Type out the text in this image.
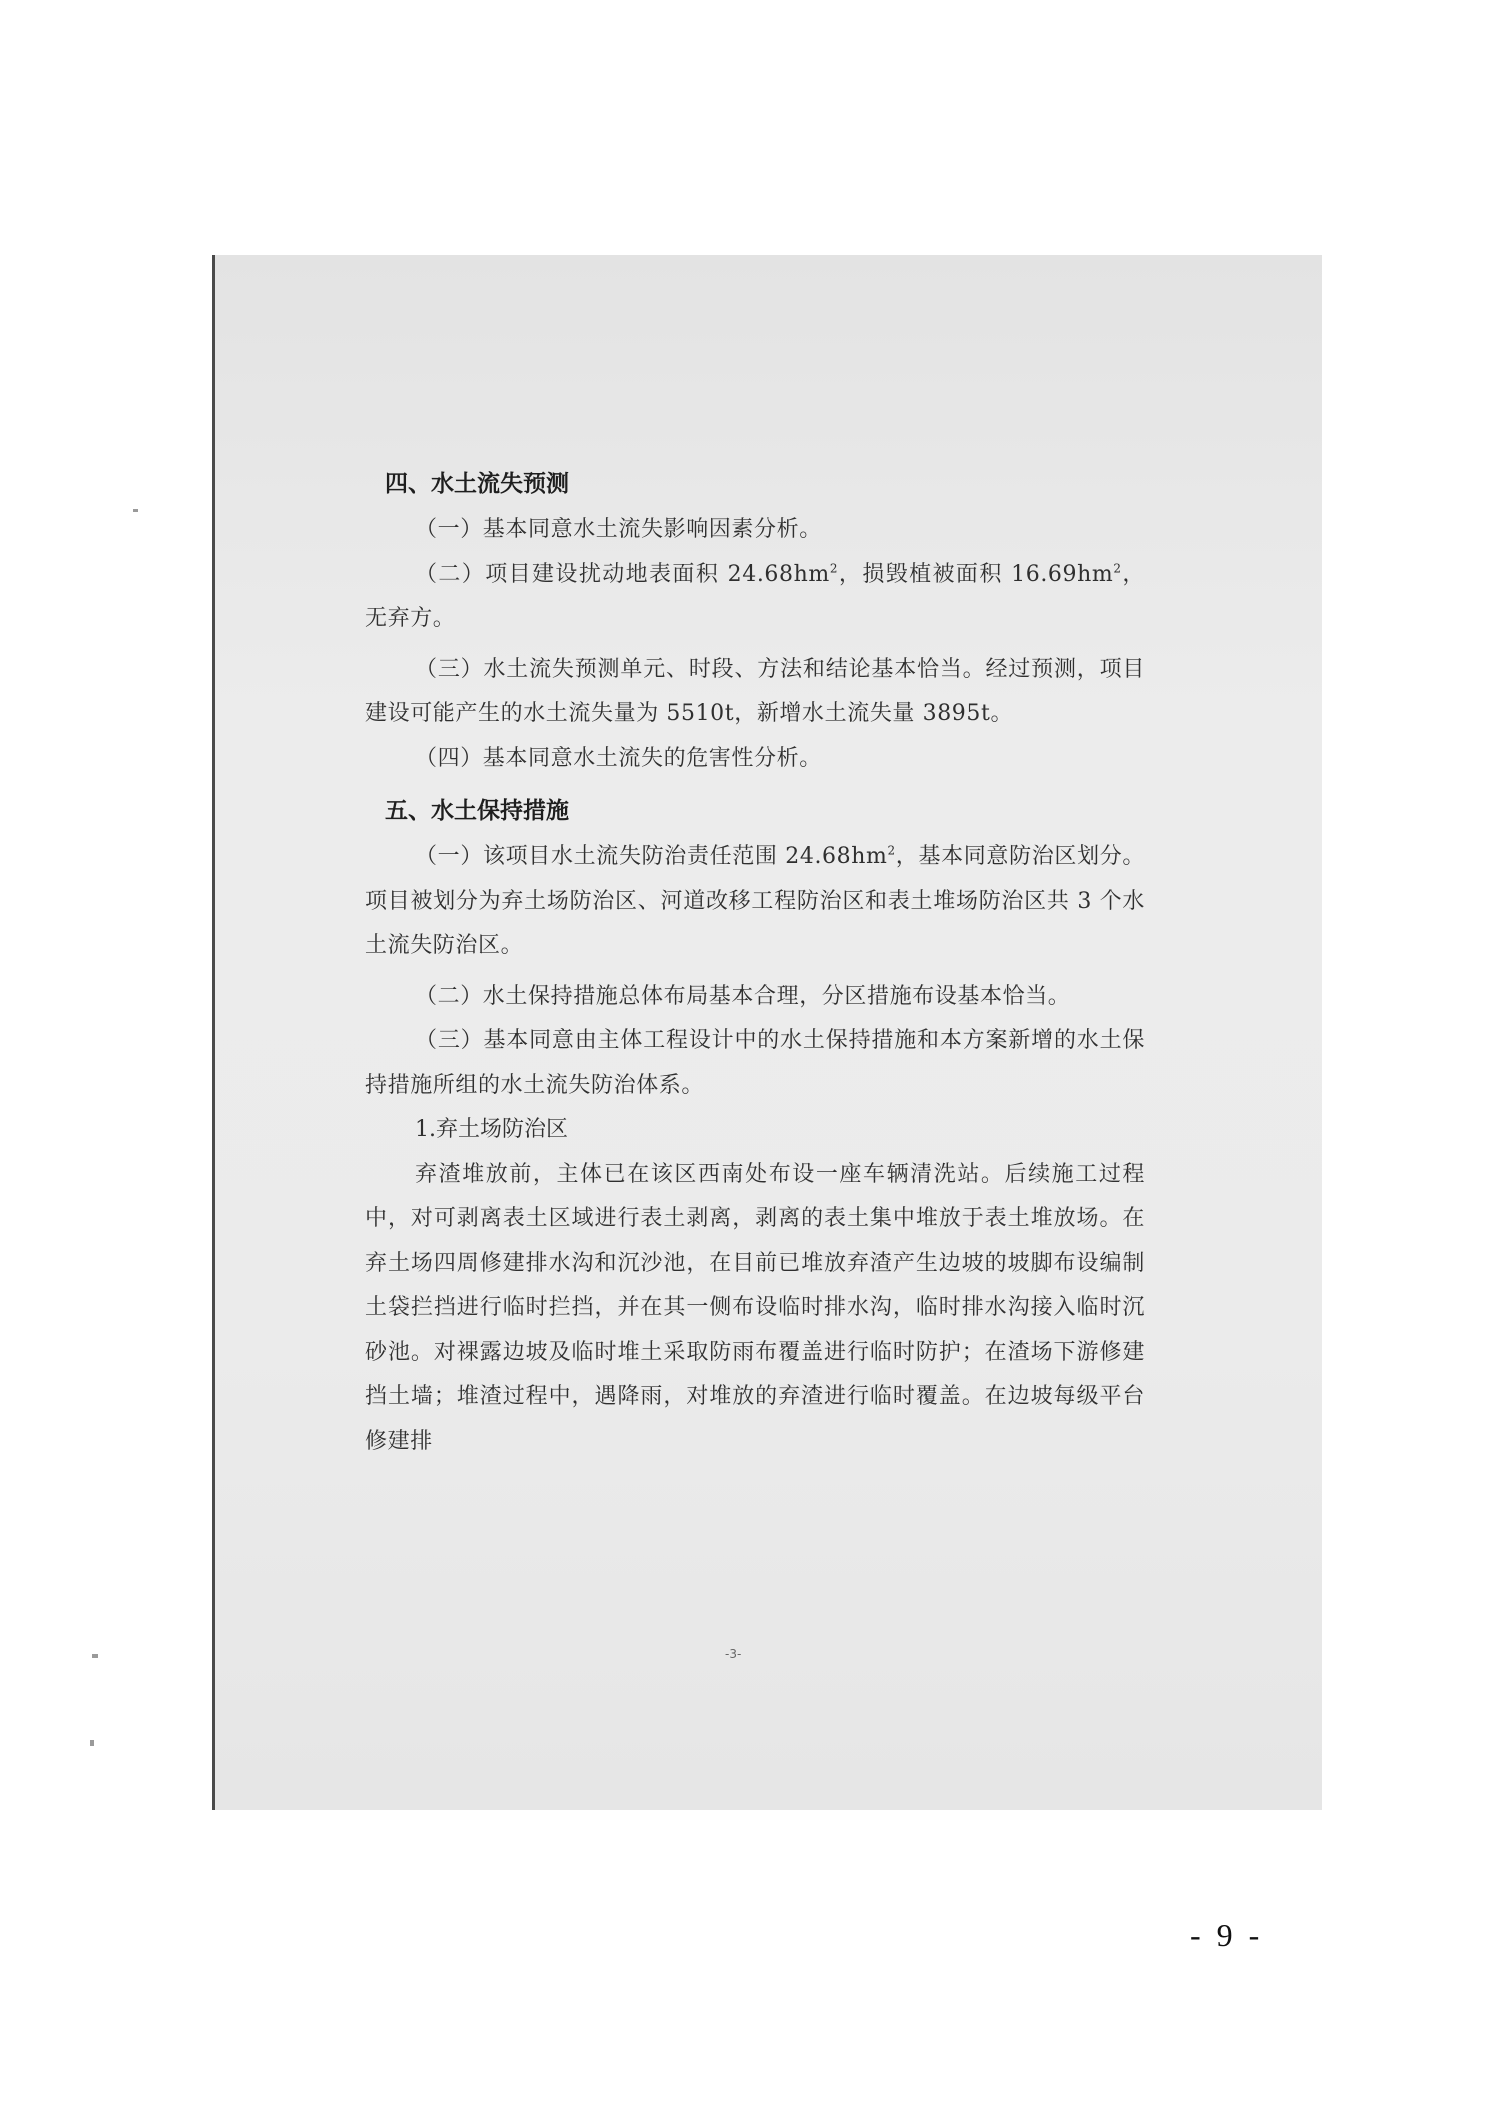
四、水土流失预测

（一）基本同意水土流失影响因素分析。

（二）项目建设扰动地表面积 $24.68hm^2$，损毁植被面积 $16.69hm^2$，无弃方。

（三）水土流失预测单元、时段、方法和结论基本恰当。经过预测，项目建设可能产生的水土流失量为 5510t，新增水土流失量 3895t。

（四）基本同意水土流失的危害性分析。

五、水土保持措施

（一）该项目水土流失防治责任范围 $24.68hm^2$，基本同意防治区划分。项目被划分为弃土场防治区、河道改移工程防治区和表土堆场防治区共 3 个水土流失防治区。

（二）水土保持措施总体布局基本合理，分区措施布设基本恰当。

（三）基本同意由主体工程设计中的水土保持措施和本方案新增的水土保持措施所组的水土流失防治体系。

1.弃土场防治区

弃渣堆放前，主体已在该区西南处布设一座车辆清洗站。后续施工过程中，对可剥离表土区域进行表土剥离，剥离的表土集中堆放于表土堆放场。在弃土场四周修建排水沟和沉沙池，在目前已堆放弃渣产生边坡的坡脚布设编制土袋拦挡进行临时拦挡，并在其一侧布设临时排水沟，临时排水沟接入临时沉砂池。对裸露边坡及临时堆土采取防雨布覆盖进行临时防护；在渣场下游修建挡土墙；堆渣过程中，遇降雨，对堆放的弃渣进行临时覆盖。在边坡每级平台修建排

-3-
- 9 -
